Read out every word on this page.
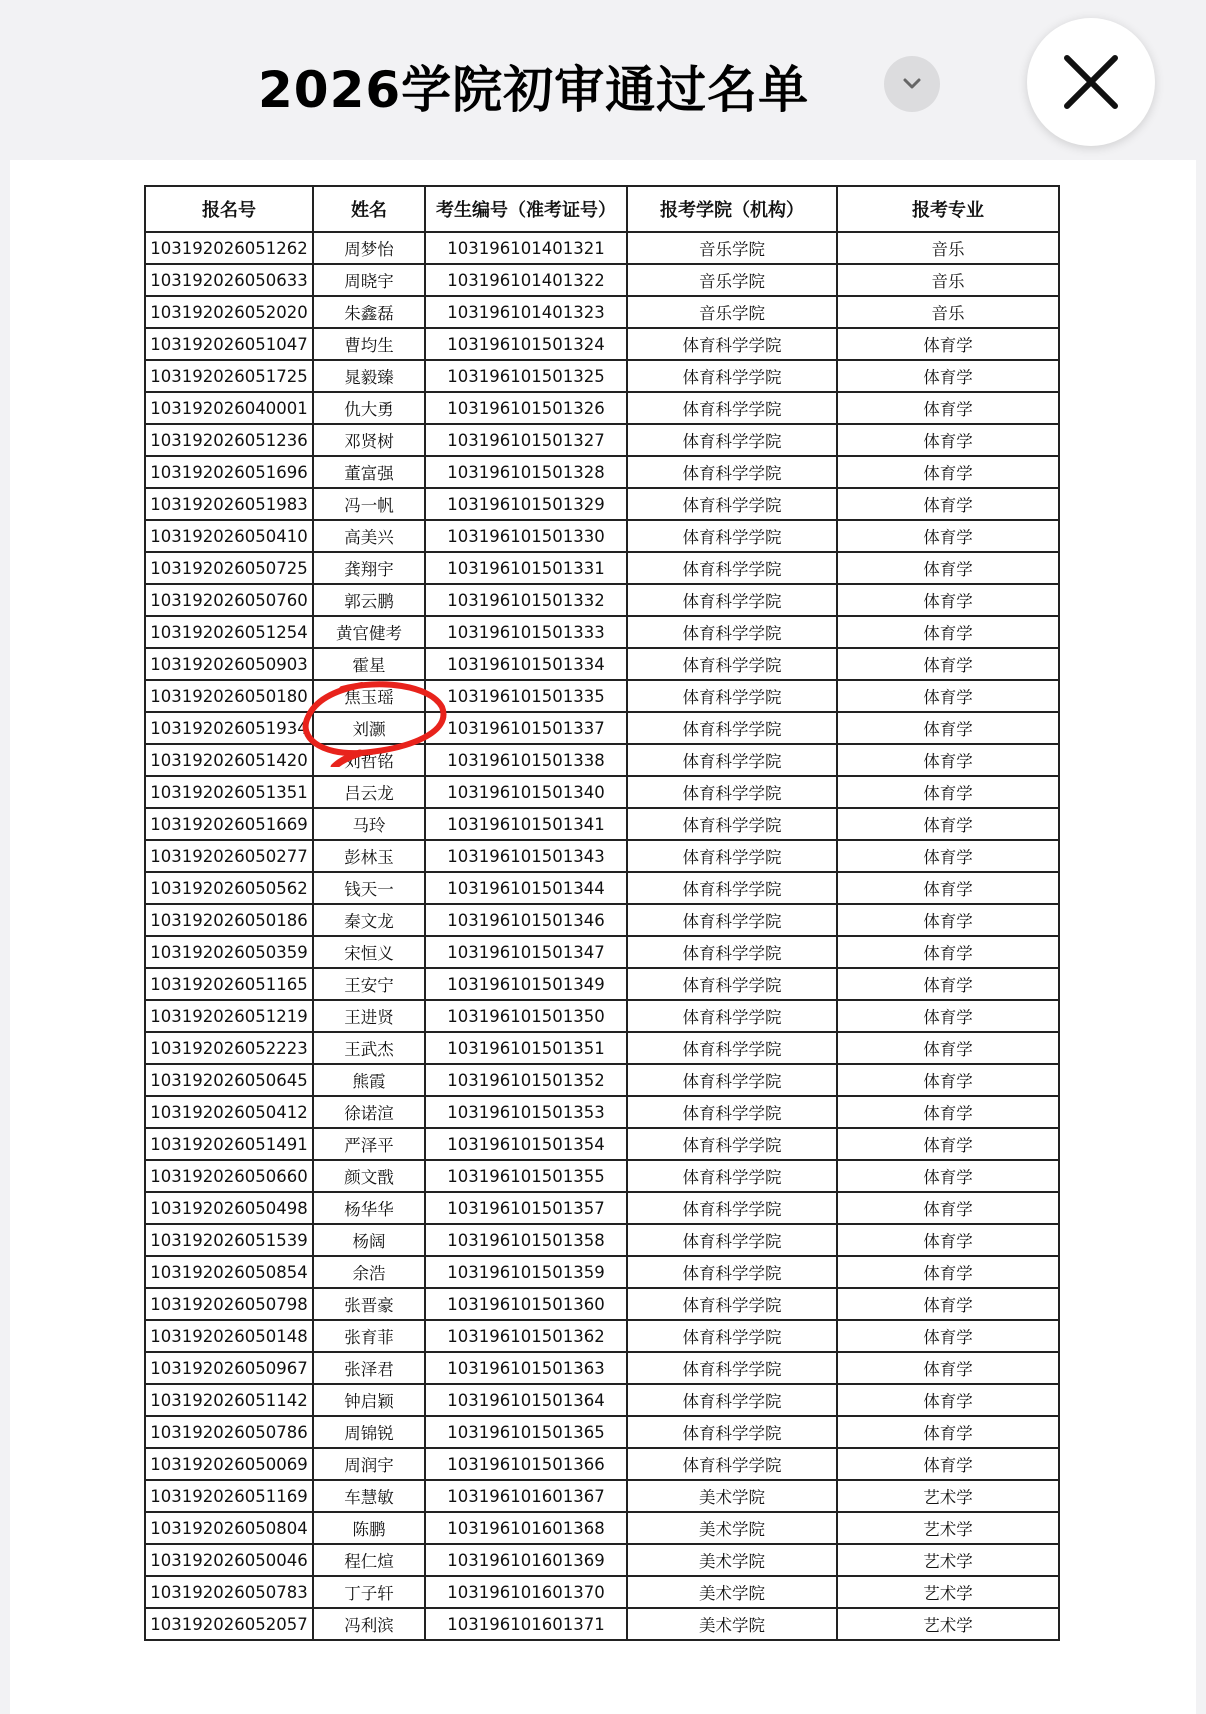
2026学院初审通过名单
报名号	姓名	考生编号（准考证号）	报考学院（机构）	报考专业
103192026051262	周梦怡	103196101401321	音乐学院	音乐
103192026050633	周晓宇	103196101401322	音乐学院	音乐
103192026052020	朱鑫磊	103196101401323	音乐学院	音乐
103192026051047	曹均生	103196101501324	体育科学学院	体育学
103192026051725	晁毅臻	103196101501325	体育科学学院	体育学
103192026040001	仇大勇	103196101501326	体育科学学院	体育学
103192026051236	邓贤树	103196101501327	体育科学学院	体育学
103192026051696	董富强	103196101501328	体育科学学院	体育学
103192026051983	冯一帆	103196101501329	体育科学学院	体育学
103192026050410	高美兴	103196101501330	体育科学学院	体育学
103192026050725	龚翔宇	103196101501331	体育科学学院	体育学
103192026050760	郭云鹏	103196101501332	体育科学学院	体育学
103192026051254	黄官健考	103196101501333	体育科学学院	体育学
103192026050903	霍星	103196101501334	体育科学学院	体育学
103192026050180	焦玉瑶	103196101501335	体育科学学院	体育学
103192026051934	刘灏	103196101501337	体育科学学院	体育学
103192026051420	刘哲铭	103196101501338	体育科学学院	体育学
103192026051351	吕云龙	103196101501340	体育科学学院	体育学
103192026051669	马玲	103196101501341	体育科学学院	体育学
103192026050277	彭林玉	103196101501343	体育科学学院	体育学
103192026050562	钱天一	103196101501344	体育科学学院	体育学
103192026050186	秦文龙	103196101501346	体育科学学院	体育学
103192026050359	宋恒义	103196101501347	体育科学学院	体育学
103192026051165	王安宁	103196101501349	体育科学学院	体育学
103192026051219	王进贤	103196101501350	体育科学学院	体育学
103192026052223	王武杰	103196101501351	体育科学学院	体育学
103192026050645	熊霞	103196101501352	体育科学学院	体育学
103192026050412	徐诺渲	103196101501353	体育科学学院	体育学
103192026051491	严泽平	103196101501354	体育科学学院	体育学
103192026050660	颜文戬	103196101501355	体育科学学院	体育学
103192026050498	杨华华	103196101501357	体育科学学院	体育学
103192026051539	杨阔	103196101501358	体育科学学院	体育学
103192026050854	余浩	103196101501359	体育科学学院	体育学
103192026050798	张晋豪	103196101501360	体育科学学院	体育学
103192026050148	张育菲	103196101501362	体育科学学院	体育学
103192026050967	张泽君	103196101501363	体育科学学院	体育学
103192026051142	钟启颖	103196101501364	体育科学学院	体育学
103192026050786	周锦锐	103196101501365	体育科学学院	体育学
103192026050069	周润宇	103196101501366	体育科学学院	体育学
103192026051169	车慧敏	103196101601367	美术学院	艺术学
103192026050804	陈鹏	103196101601368	美术学院	艺术学
103192026050046	程仁煊	103196101601369	美术学院	艺术学
103192026050783	丁子轩	103196101601370	美术学院	艺术学
103192026052057	冯利滨	103196101601371	美术学院	艺术学
